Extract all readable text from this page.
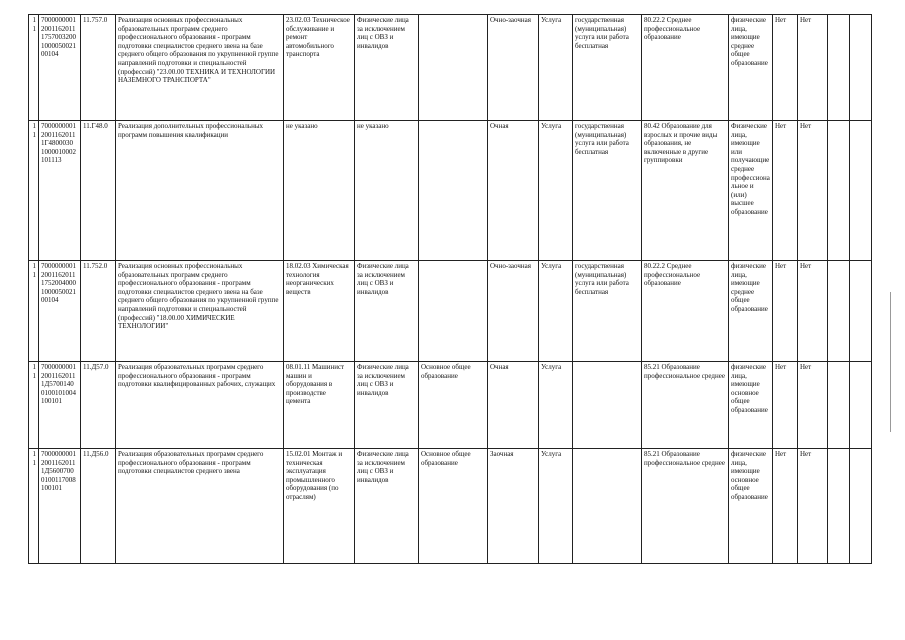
11	7000000001 2001162011 1757003200 1000050021 00104	11.757.0	Реализация основных профессиональных образовательных программ среднего профессионального образования - программ подготовки специалистов среднего звена на базе среднего общего образования по укрупненной группе направлений подготовки и специальностей (профессий) "23.00.00 ТЕХНИКА И ТЕХНОЛОГИИ НАЗЕМНОГО ТРАНСПОРТА"	23.02.03 Техническое обслуживание и ремонт автомобильного транспорта	Физические лица за исключением лиц с ОВЗ и инвалидов		Очно-заочная	Услуга	государственная (муниципальная) услуга или работа бесплатная	80.22.2 Среднее профессиональное образование	физические лица, имеющие среднее общее образование	Нет	Нет		
11	7000000001 2001162011 1Г4800030 1000010002 101113	11.Г48.0	Реализация дополнительных профессиональных программ повышения квалификации	не указано	не указано		Очная	Услуга	государственная (муниципальная) услуга или работа бесплатная	80.42 Образование для взрослых и прочие виды образования, не включенные в другие группировки	Физические лица, имеющие или получающие среднее профессиональное и (или) высшее образование	Нет	Нет		
11	7000000001 2001162011 1752004000 1000050021 00104	11.752.0	Реализация основных профессиональных образовательных программ среднего профессионального образования - программ подготовки специалистов среднего звена на базе среднего общего образования по укрупненной группе направлений подготовки и специальностей (профессий) "18.00.00 ХИМИЧЕСКИЕ ТЕХНОЛОГИИ"	18.02.03 Химическая технология неорганических веществ	Физические лица за исключением лиц с ОВЗ и инвалидов		Очно-заочная	Услуга	государственная (муниципальная) услуга или работа бесплатная	80.22.2 Среднее профессиональное образование	физические лица, имеющие среднее общее образование	Нет	Нет		
11	7000000001 2001162011 1Д5700140 0100101004 100101	11.Д57.0	Реализация образовательных программ среднего профессионального образования - программ подготовки квалифицированных рабочих, служащих	08.01.11 Машинист машин и оборудования в производстве цемента	Физические лица за исключением лиц с ОВЗ и инвалидов	Основное общее образование	Очная	Услуга		85.21 Образование профессиональное среднее	физические лица, имеющие основное общее образование	Нет	Нет		
11	7000000001 2001162011 1Д5600700 0100117008 100101	11.Д56.0	Реализация образовательных программ среднего профессионального образования - программ подготовки специалистов среднего звена	15.02.01 Монтаж и техническая эксплуатация промышленного оборудования (по отраслям)	Физические лица за исключением лиц с ОВЗ и инвалидов	Основное общее образование	Заочная	Услуга		85.21 Образование профессиональное среднее	физические лица, имеющие основное общее образование	Нет	Нет		
